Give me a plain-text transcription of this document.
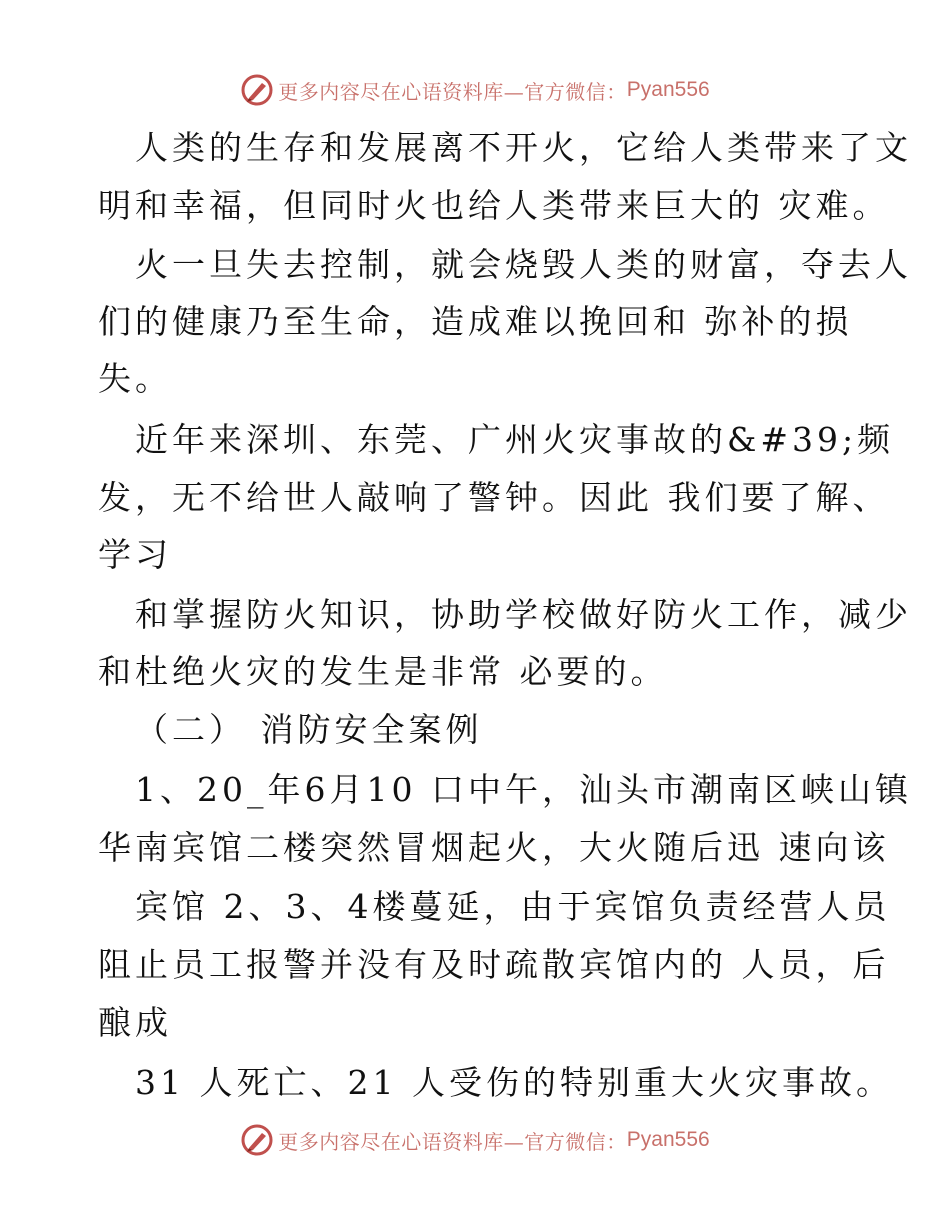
更多内容尽在心语资料库—官方微信： Pyan556
人类的生存和发展离不开火，它给人类带来了文
明和幸福，但同时火也给人类带来巨大的 灾难。
火一旦失去控制，就会烧毁人类的财富，夺去人
们的健康乃至生命，造成难以挽回和 弥补的损
失。
近年来深圳、东莞、广州火灾事故的&#39;频
发，无不给世人敲响了警钟。因此 我们要了解、
学习
和掌握防火知识，协助学校做好防火工作，减少
和杜绝火灾的发生是非常 必要的。
（二） 消防安全案例
1、20_年6月10 口中午，汕头市潮南区峡山镇
华南宾馆二楼突然冒烟起火，大火随后迅 速向该
宾馆 2、3、4楼蔓延，由于宾馆负责经营人员
阻止员工报警并没有及时疏散宾馆内的 人员，后
酿成
31 人死亡、21 人受伤的特别重大火灾事故。
更多内容尽在心语资料库—官方微信： Pyan556
